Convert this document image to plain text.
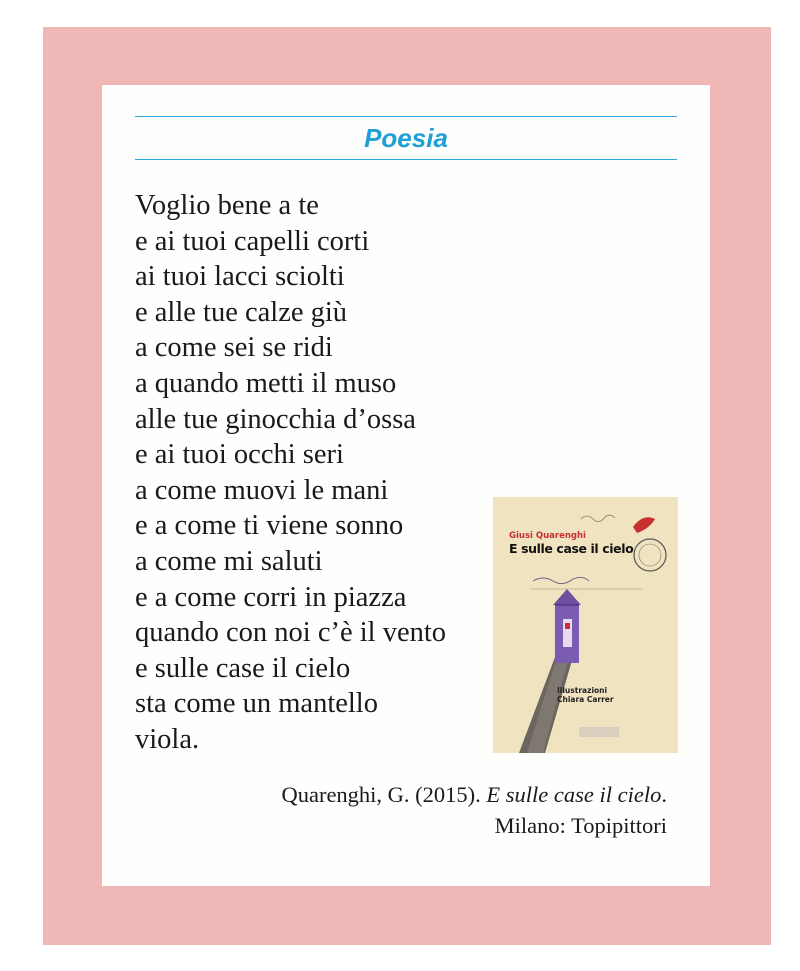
Poesia
Voglio bene a te
e ai tuoi capelli corti
ai tuoi lacci sciolti
e alle tue calze giù
a come sei se ridi
a quando metti il muso
alle tue ginocchia d’ossa
e ai tuoi occhi seri
a come muovi le mani
e a come ti viene sonno
a come mi saluti
e a come corri in piazza
quando con noi c’è il vento
e sulle case il cielo
sta come un mantello
viola.
Giusi Quarenghi
E sulle case il cielo
Illustrazioni
Chiara Carrer
Quarenghi, G. (2015). E sulle case il cielo.
Milano: Topipittori
